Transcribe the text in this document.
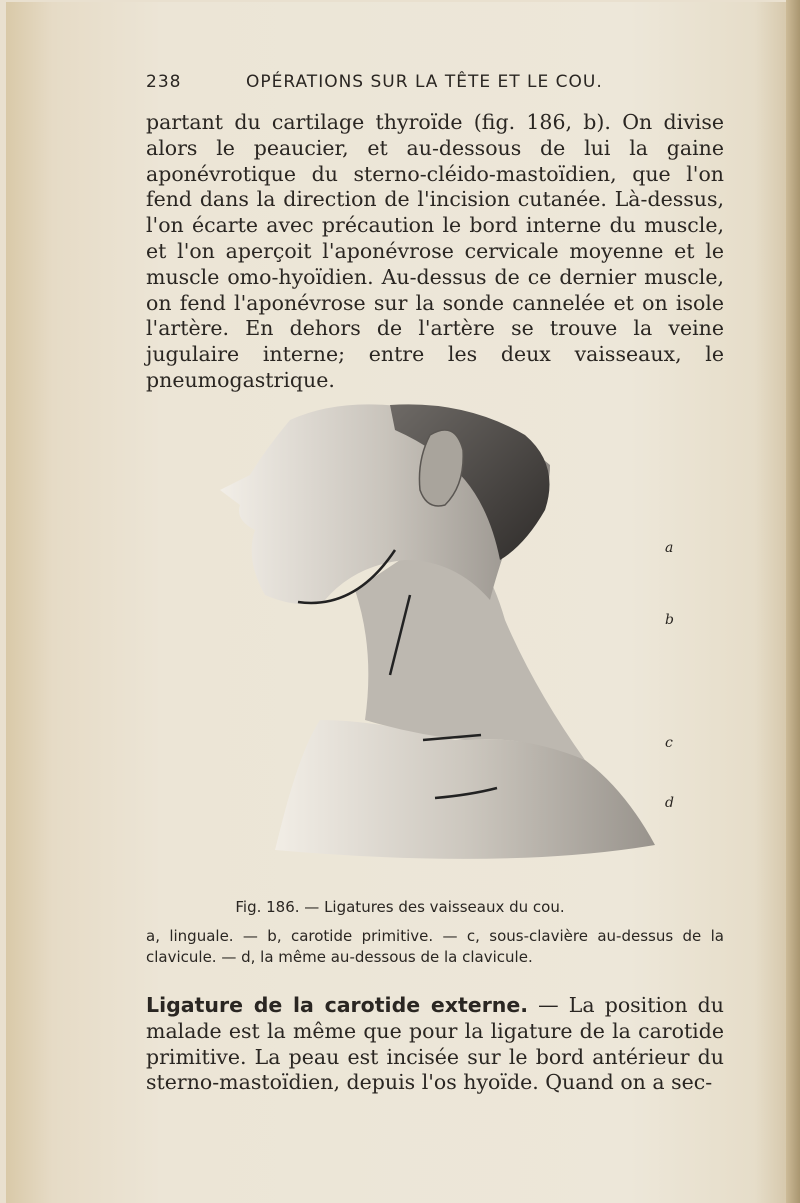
238	OPÉRATIONS SUR LA TÊTE ET LE COU.

partant du cartilage thyroïde (fig. 186, b). On divise alors le peaucier, et au-dessous de lui la gaine aponévrotique du sterno-cléido-mastoïdien, que l'on fend dans la direction de l'incision cutanée. Là-dessus, l'on écarte avec précaution le bord interne du muscle, et l'on aperçoit l'aponévrose cervicale moyenne et le muscle omo-hyoïdien. Au-dessus de ce dernier muscle, on fend l'aponévrose sur la sonde cannelée et on isole l'artère. En dehors de l'artère se trouve la veine jugulaire interne; entre les deux vaisseaux, le pneumogastrique.

a
b
c
d
Fig. 186. — Ligatures des vaisseaux du cou.

a, linguale. — b, carotide primitive. — c, sous-clavière au-dessus de la clavicule. — d, la même au-dessous de la clavicule.

Ligature de la carotide externe. — La position du malade est la même que pour la ligature de la carotide primitive. La peau est incisée sur le bord antérieur du sterno-mastoïdien, depuis l'os hyoïde. Quand on a sec-
